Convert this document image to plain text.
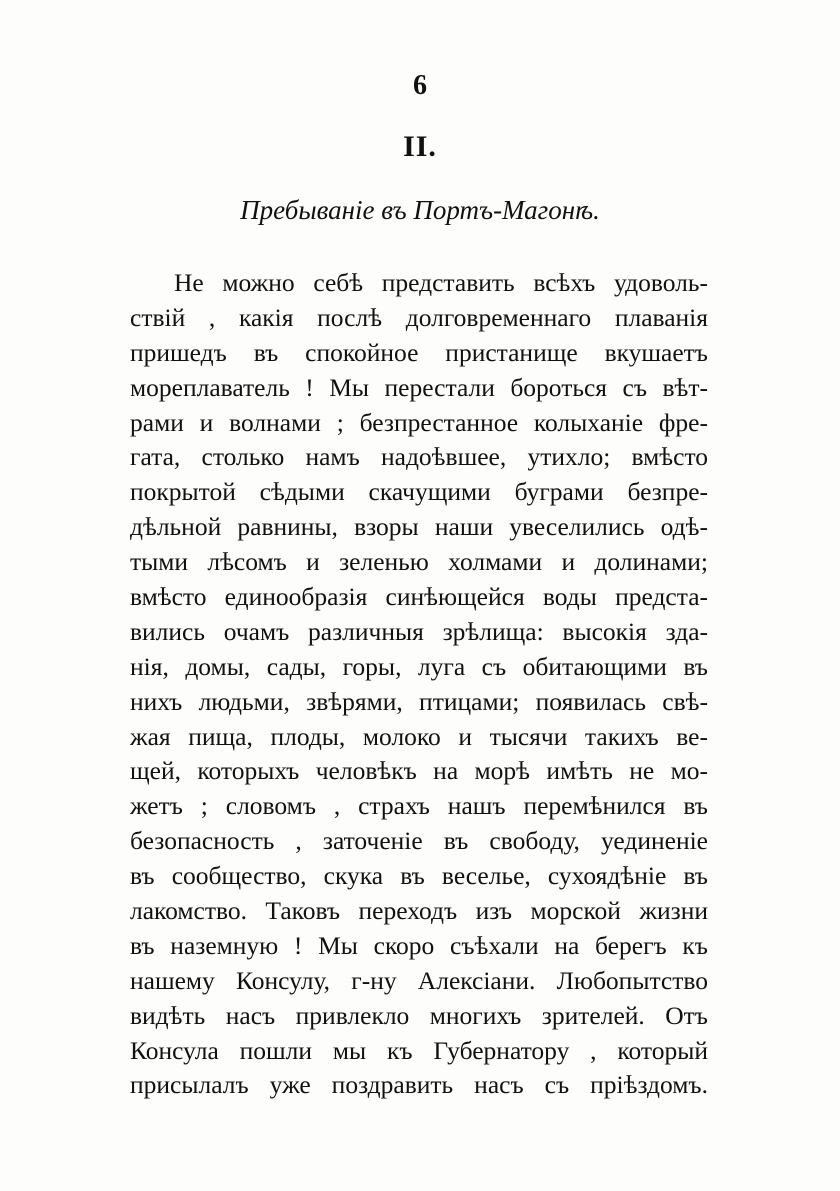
6
II.
Пребываніе въ Портъ-Магонѣ.
Не можно себѣ представить всѣхъ удоволь-
ствій , какія послѣ долговременнаго плаванія
пришедъ въ спокойное пристанище вкушаетъ
мореплаватель ! Мы перестали бороться съ вѣт-
рами и волнами ; безпрестанное колыханіе фре-
гата, столько намъ надоѣвшее, утихло; вмѣсто
покрытой сѣдыми скачущими буграми безпре-
дѣльной равнины, взоры наши увеселились одѣ-
тыми лѣсомъ и зеленью холмами и долинами;
вмѣсто единообразія синѣющейся воды предста-
вились очамъ различныя зрѣлища: высокія зда-
нія, домы, сады, горы, луга съ обитающими въ
нихъ людьми, звѣрями, птицами; появилась свѣ-
жая пища, плоды, молоко и тысячи такихъ ве-
щей, которыхъ человѣкъ на морѣ имѣть не мо-
жетъ ; словомъ , страхъ нашъ перемѣнился въ
безопасность , заточеніе въ свободу, уединеніе
въ сообщество, скука въ веселье, сухоядѣніе въ
лакомство. Таковъ переходъ изъ морской жизни
въ наземную ! Мы скоро съѣхали на берегъ къ
нашему Консулу, г-ну Алексіани. Любопытство
видѣть насъ привлекло многихъ зрителей. Отъ
Консула пошли мы къ Губернатору , который
присылалъ уже поздравить насъ съ пріѣздомъ.
